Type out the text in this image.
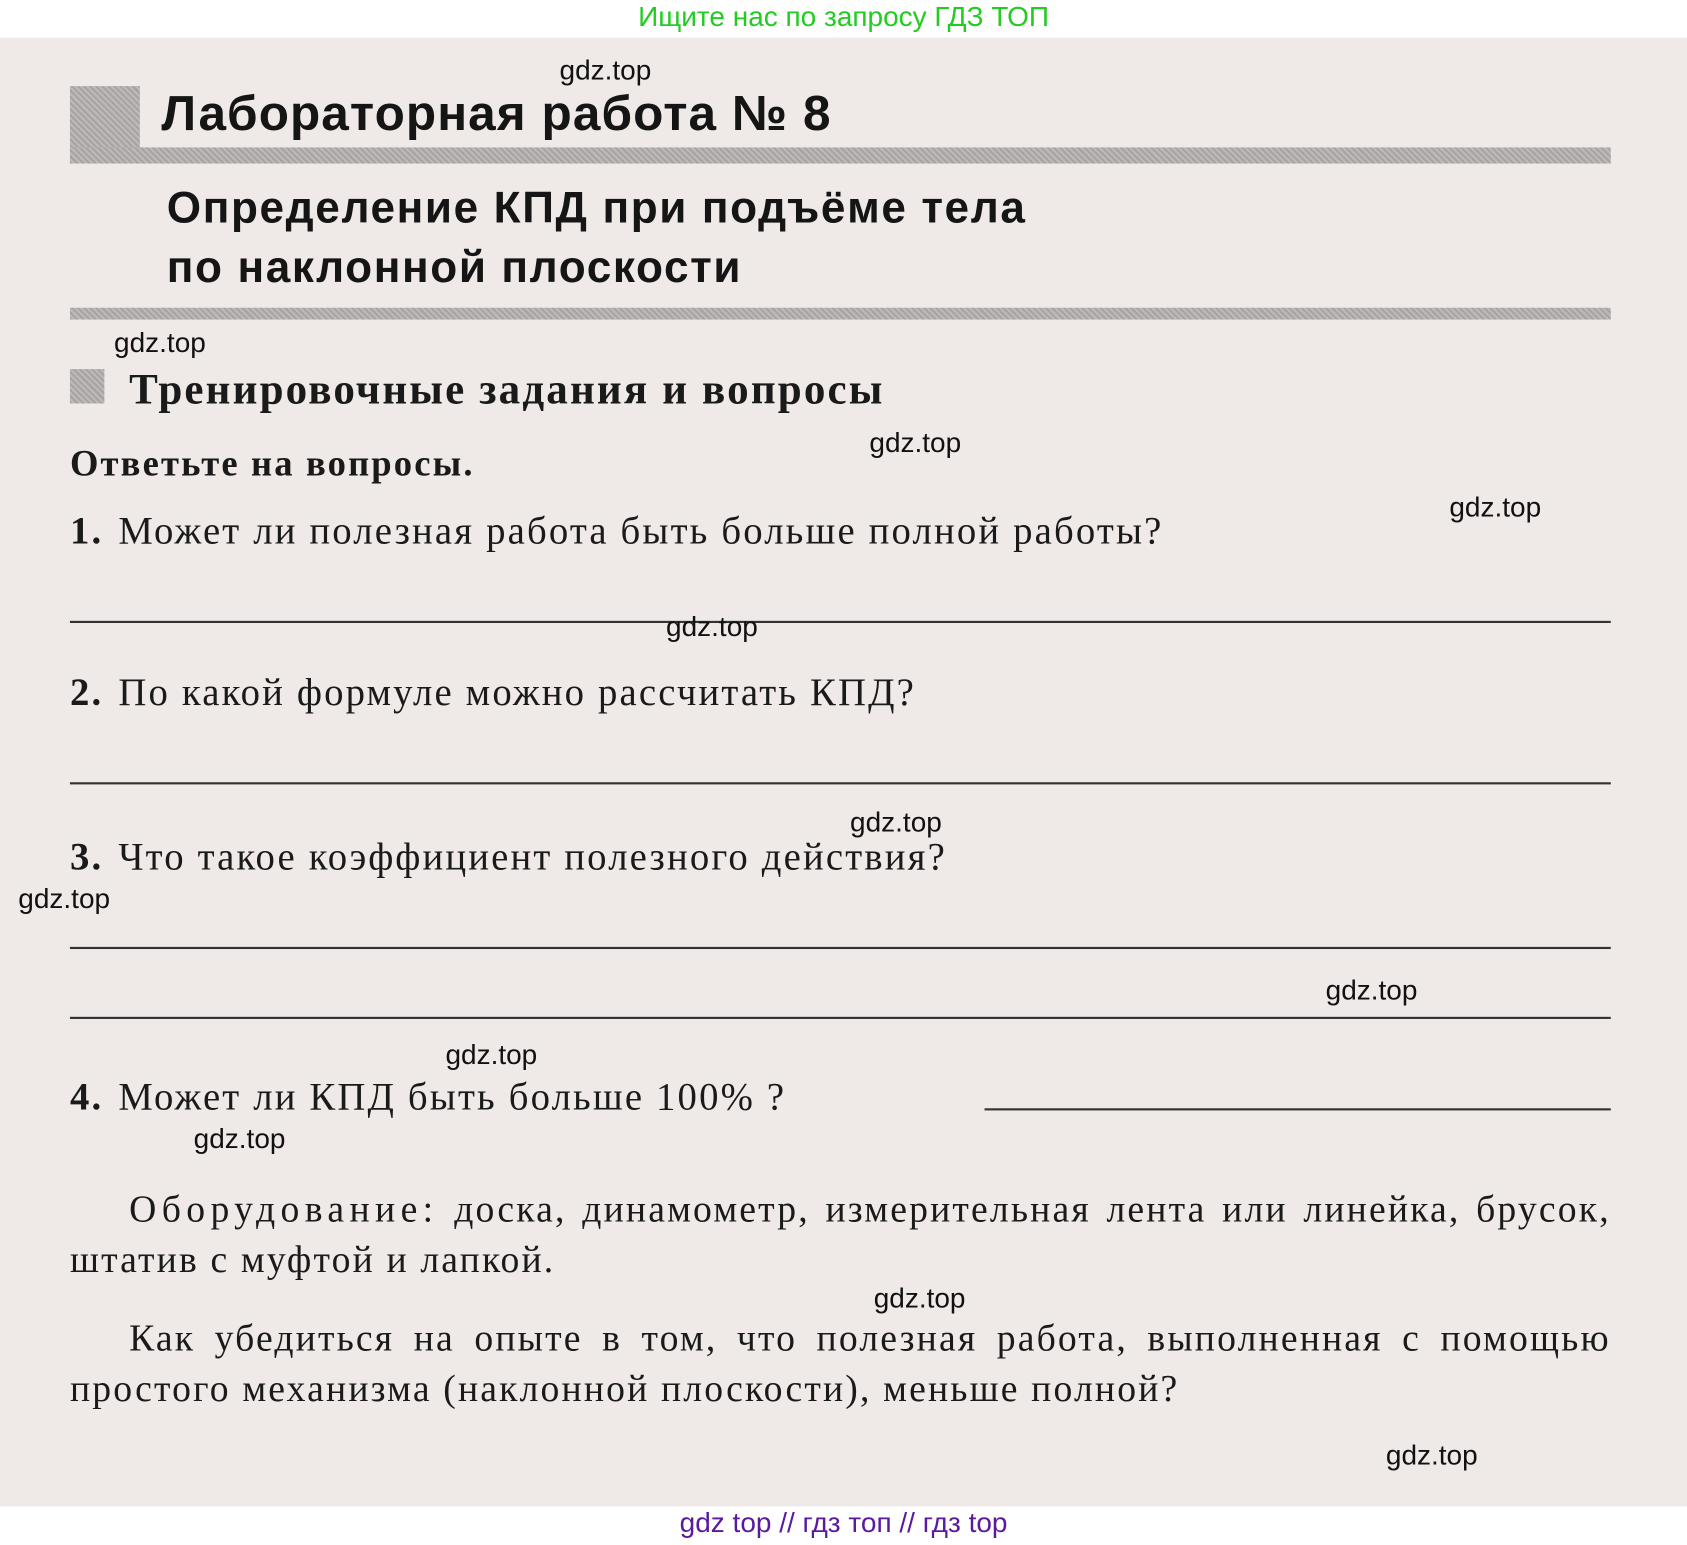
Ищите нас по запросу ГДЗ ТОП
Лабораторная работа № 8
Определение КПД при подъёме тела
по наклонной плоскости
Тренировочные задания и вопросы
Ответьте на вопросы.
1. Может ли полезная работа быть больше полной работы?
2. По какой формуле можно рассчитать КПД?
3. Что такое коэффициент полезного действия?
4. Может ли КПД быть больше 100% ?
Оборудование: доска, динамометр, измерительная лента или линейка, брусок, штатив с муфтой и лапкой.
Как убедиться на опыте в том, что полезная работа, выполненная с помощью простого механизма (наклонной плоскости), меньше полной?
gdz.top
gdz.top
gdz.top
gdz.top
gdz.top
gdz.top
gdz.top
gdz.top
gdz.top
gdz.top
gdz.top
gdz.top
gdz top // гдз топ // гдз top
